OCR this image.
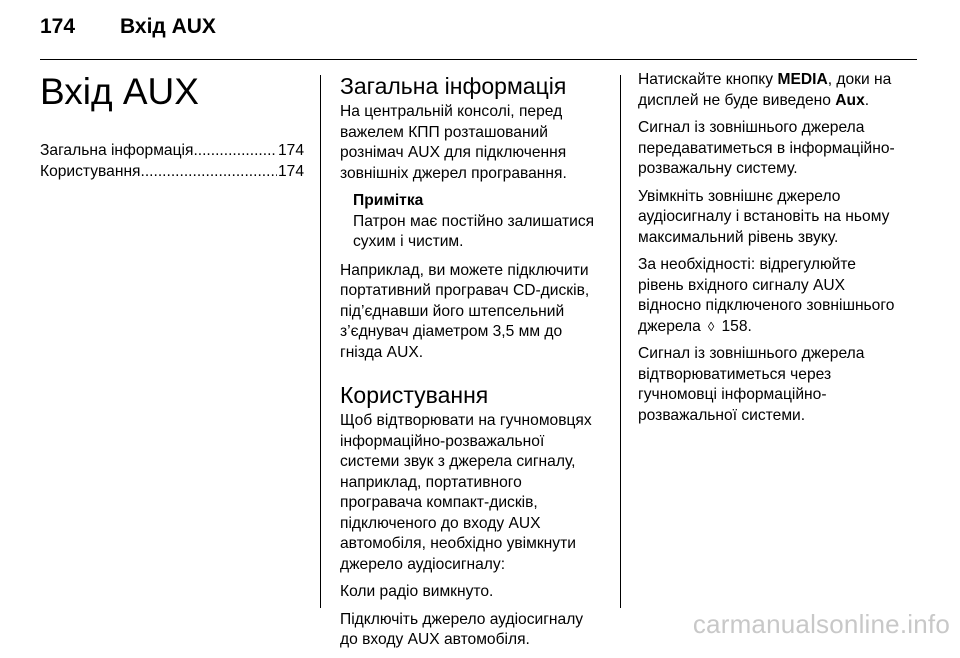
174 Вхід AUX
Вхід AUX
Загальна інформація .....	174
Користування .....	174
Загальна інформація

На центральній консолі, перед важелем КПП розташований рознімач AUX для підключення зовнішніх джерел програвання.

Примітка

Патрон має постійно залишатися сухим і чистим.

Наприклад, ви можете підключити портативний програвач CD-дисків, під’єднавши його штепсельний з’єднувач діаметром 3,5 мм до гнізда AUX.

Користування

Щоб відтворювати на гучномовцях інформаційно-розважальної системи звук з джерела сигналу, наприклад, портативного програвача компакт-дисків, підключеного до входу AUX автомобіля, необхідно увімкнути джерело аудіосигналу:

Коли радіо вимкнуто.

Підключіть джерело аудіосигналу до входу AUX автомобіля.

Натискайте кнопку MEDIA, доки на дисплей не буде виведено Aux.

Сигнал із зовнішнього джерела передаватиметься в інформаційно-розважальну систему.

Увімкніть зовнішнє джерело аудіосигналу і встановіть на ньому максимальний рівень звуку.

За необхідності: відрегулюйте рівень вхідного сигналу AUX відносно підключеного зовнішнього джерела ◊ 158.

Сигнал із зовнішнього джерела відтворюватиметься через гучномовці інформаційно-розважальної системи.

carmanualsonline.info
